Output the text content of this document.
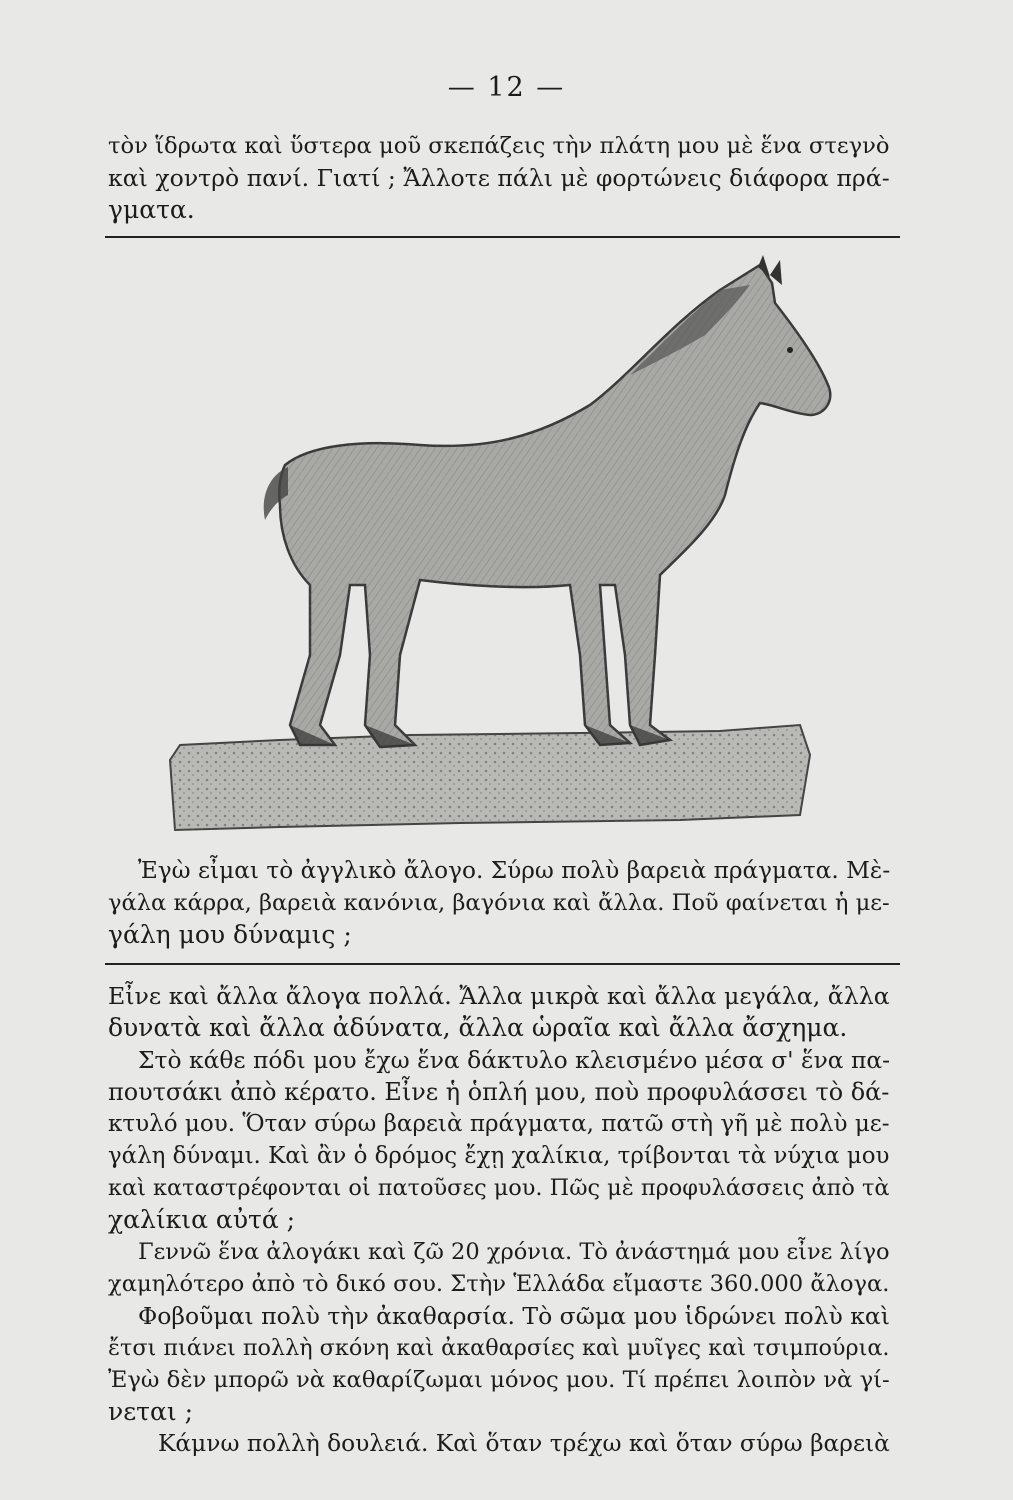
— 12 —
τὸν ἵδρωτα καὶ ὕστερα μοῦ σκεπάζεις τὴν πλάτη μου μὲ ἕνα στεγνὸ
καὶ χοντρὸ πανί. Γιατί ; Ἄλλοτε πάλι μὲ φορτώνεις διάφορα πρά-
γματα.
Ἐγὼ εἶμαι τὸ ἀγγλικὸ ἄλογο. Σύρω πολὺ βαρειὰ πράγματα. Μὲ-
γάλα κάρρα, βαρειὰ κανόνια, βαγόνια καὶ ἄλλα. Ποῦ φαίνεται ἡ με-
γάλη μου δύναμις ;
Εἶνε καὶ ἄλλα ἄλογα πολλά. Ἄλλα μικρὰ καὶ ἄλλα μεγάλα, ἄλλα
δυνατὰ καὶ ἄλλα ἀδύνατα, ἄλλα ὡραῖα καὶ ἄλλα ἄσχημα.
Στὸ κάθε πόδι μου ἔχω ἕνα δάκτυλο κλεισμένο μέσα σ' ἕνα πα-
πουτσάκι ἀπὸ κέρατο. Εἶνε ἡ ὁπλή μου, ποὺ προφυλάσσει τὸ δά-
κτυλό μου. Ὅταν σύρω βαρειὰ πράγματα, πατῶ στὴ γῆ μὲ πολὺ με-
γάλη δύναμι. Καὶ ἂν ὁ δρόμος ἔχῃ χαλίκια, τρίβονται τὰ νύχια μου
καὶ καταστρέφονται οἱ πατοῦσες μου. Πῶς μὲ προφυλάσσεις ἀπὸ τὰ
χαλίκια αὐτά ;
Γεννῶ ἕνα ἀλογάκι καὶ ζῶ 20 χρόνια. Τὸ ἀνάστημά μου εἶνε λίγο
χαμηλότερο ἀπὸ τὸ δικό σου. Στὴν Ἑλλάδα εἴμαστε 360.000 ἄλογα.
Φοβοῦμαι πολὺ τὴν ἀκαθαρσία. Τὸ σῶμα μου ἱδρώνει πολὺ καὶ
ἔτσι πιάνει πολλὴ σκόνη καὶ ἀκαθαρσίες καὶ μυῖγες καὶ τσιμπούρια.
Ἐγὼ δὲν μπορῶ νὰ καθαρίζωμαι μόνος μου. Τί πρέπει λοιπὸν νὰ γί-
νεται ;
Κάμνω πολλὴ δουλειά. Καὶ ὅταν τρέχω καὶ ὅταν σύρω βαρειὰ
